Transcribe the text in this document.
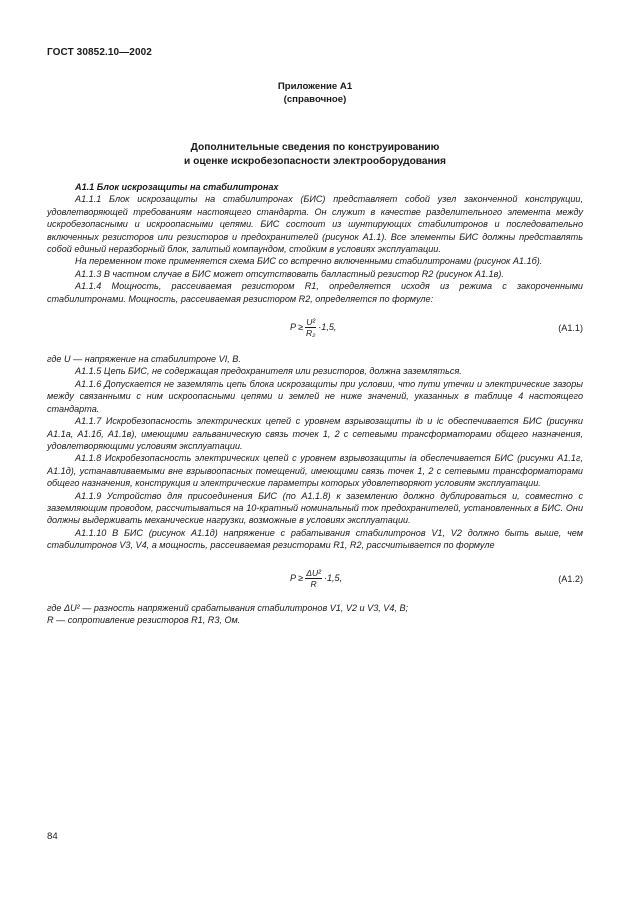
ГОСТ 30852.10—2002
Приложение А1
(справочное)
Дополнительные сведения по конструированию
и оценке искробезопасности электрооборудования

А1.1 Блок искрозащиты на стабилитронах

А1.1.1 Блок искрозащиты на стабилитронах (БИС) представляет собой узел законченной конструкции, удовлетворяющей требованиям настоящего стандарта. Он служит в качестве разделительного элемента между искробезопасными и искроопасными цепями. БИС состоит из шунтирующих стабилитронов и последовательно включенных резисторов или резисторов и предохранителей (рисунок А1.1). Все элементы БИС должны представлять собой единый неразборный блок, залитый компаундом, стойким в условиях эксплуатации.

На переменном токе применяется схема БИС со встречно включенными стабилитронами (рисунок А1.1б).

А1.1.3 В частном случае в БИС может отсутствовать балластный резистор R2 (рисунок А1.1в).

А1.1.4 Мощность, рассеиваемая резистором R1, определяется исходя из режима с закороченными стабилитронами. Мощность, рассеиваемая резистором R2, определяется по формуле:

$P \ge \frac{\text{U²}}{\text{R₂}} \cdot 1,5$,	(А1.1)

где U — напряжение на стабилитроне VI, В.

А1.1.5 Цепь БИС, не содержащая предохранителя или резисторов, должна заземляться.

А1.1.6 Допускается не заземлять цепь блока искрозащиты при условии, что пути утечки и электрические зазоры между связанными с ним искроопасными цепями и землей не ниже значений, указанных в таблице 4 настоящего стандарта.

А1.1.7 Искробезопасность электрических цепей с уровнем взрывозащиты ib и ic обеспечивается БИС (рисунки А1.1а, А1.1б, А1.1в), имеющими гальваническую связь точек 1, 2 с сетевыми трансформаторами общего назначения, удовлетворяющими условиям эксплуатации.

А1.1.8 Искробезопасность электрических цепей с уровнем взрывозащиты ia обеспечивается БИС (рисунки А1.1г, А1.1д), устанавливаемыми вне взрывоопасных помещений, имеющими связь точек 1, 2 с сетевыми трансформаторами общего назначения, конструкция и электрические параметры которых удовлетворяют условиям эксплуатации.

А1.1.9 Устройство для присоединения БИС (по А1.1.8) к заземлению должно дублироваться и, совместно с заземляющим проводом, рассчитываться на 10-кратный номинальный ток предохранителей, установленных в БИС. Они должны выдерживать механические нагрузки, возможные в условиях эксплуатации.

А1.1.10 В БИС (рисунок А1.1д) напряжение с рабатывания стабилитронов V1, V2 должно быть выше, чем стабилитронов V3, V4, а мощность, рассеиваемая резисторами R1, R2, рассчитывается по формуле

$P \ge \frac{\text{ΔU²}}{R} \cdot 1,5$,	(А1.2)

где ΔU² — разность напряжений срабатывания стабилитронов V1, V2 и V3, V4, В;

R — сопротивление резисторов R1, R3, Ом.

84
